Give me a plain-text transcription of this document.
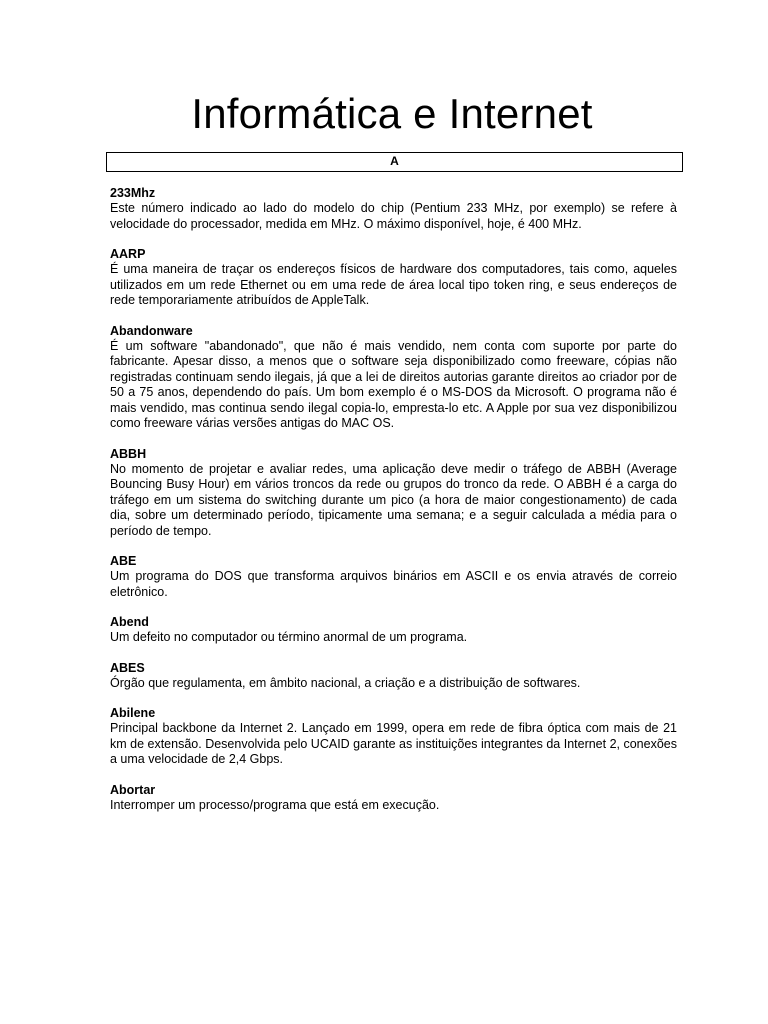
Informática e Internet
A

233Mhz

Este número indicado ao lado do modelo do chip (Pentium 233 MHz, por exemplo) se refere à velocidade do processador, medida em MHz. O máximo disponível, hoje, é 400 MHz.

AARP

É uma maneira de traçar os endereços físicos de hardware dos computadores, tais como, aqueles utilizados em um rede Ethernet ou em uma rede de área local tipo token ring, e seus endereços de rede temporariamente atribuídos de AppleTalk.

Abandonware

É um software "abandonado", que não é mais vendido, nem conta com suporte por parte do fabricante. Apesar disso, a menos que o software seja disponibilizado como freeware, cópias não registradas continuam sendo ilegais, já que a lei de direitos autorias garante direitos ao criador por de 50 a 75 anos, dependendo do país. Um bom exemplo é o MS-DOS da Microsoft. O programa não é mais vendido, mas continua sendo ilegal copia-lo, empresta-lo etc. A Apple por sua vez disponibilizou como freeware várias versões antigas do MAC OS.

ABBH

No momento de projetar e avaliar redes, uma aplicação deve medir o tráfego de ABBH (Average Bouncing Busy Hour) em vários troncos da rede ou grupos do tronco da rede. O ABBH é a carga do tráfego em um sistema do switching durante um pico (a hora de maior congestionamento) de cada dia, sobre um determinado período, tipicamente uma semana; e a seguir calculada a média para o período de tempo.

ABE

Um programa do DOS que transforma arquivos binários em ASCII e os envia através de correio eletrônico.

Abend

Um defeito no computador ou término anormal de um programa.

ABES

Órgão que regulamenta, em âmbito nacional, a criação e a distribuição de softwares.

Abilene

Principal backbone da Internet 2. Lançado em 1999, opera em rede de fibra óptica com mais de 21 km de extensão. Desenvolvida pelo UCAID garante as instituições integrantes da Internet 2, conexões a uma velocidade de 2,4 Gbps.

Abortar

Interromper um processo/programa que está em execução.
